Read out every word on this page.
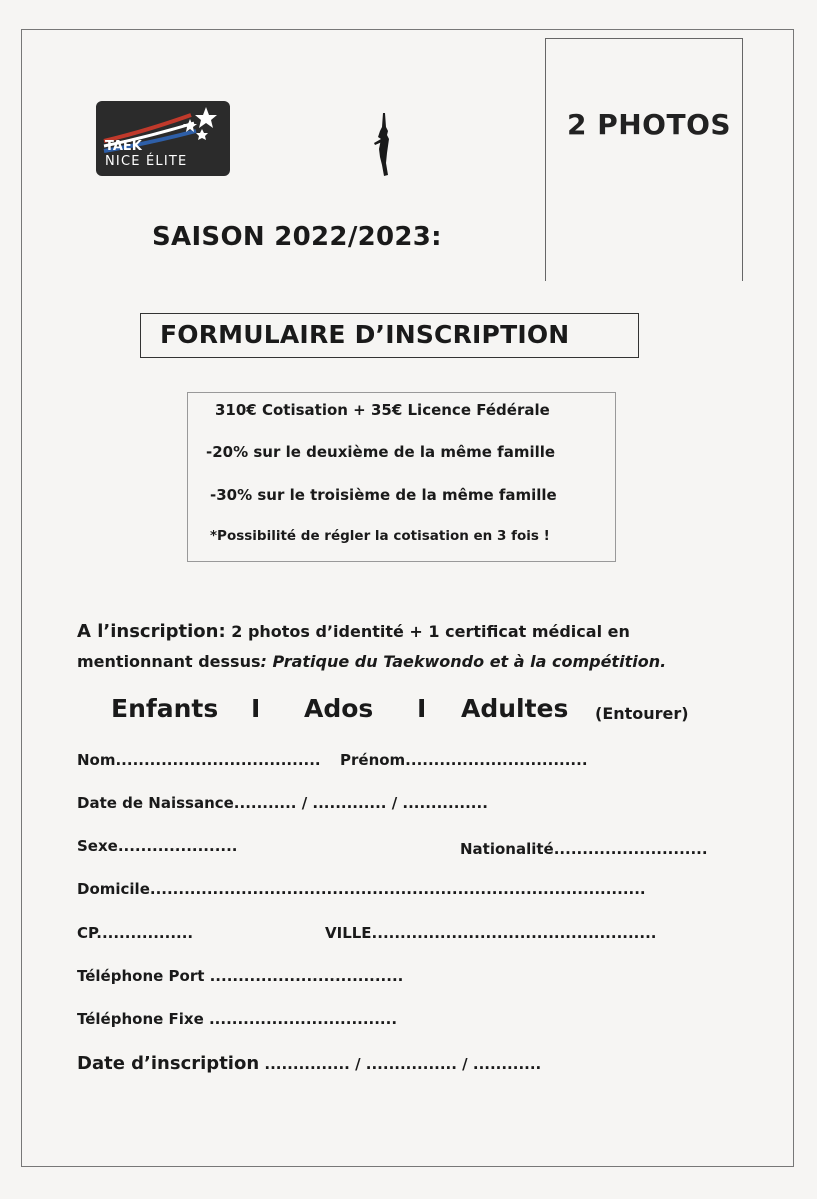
2 PHOTOS
TAEK
NICE ÉLITE
SAISON 2022/2023:
FORMULAIRE D’INSCRIPTION
310€ Cotisation + 35€ Licence Fédérale
-20% sur le deuxième de la même famille
-30% sur le troisième de la même famille
*Possibilité de régler la cotisation en 3 fois !
A l’inscription: 2 photos d’identité + 1 certificat médical en
mentionnant dessus: Pratique du Taekwondo et à la compétition.
Enfants I Ados I Adultes (Entourer)
Nom.................................... Prénom................................
Date de Naissance........... / ............. / ...............
Sexe.....................	Nationalité...........................
Domicile.......................................................................................
CP.................	VILLE..................................................
Téléphone Port ..................................
Téléphone Fixe .................................
Date d’inscription ............... / ................ / ............
